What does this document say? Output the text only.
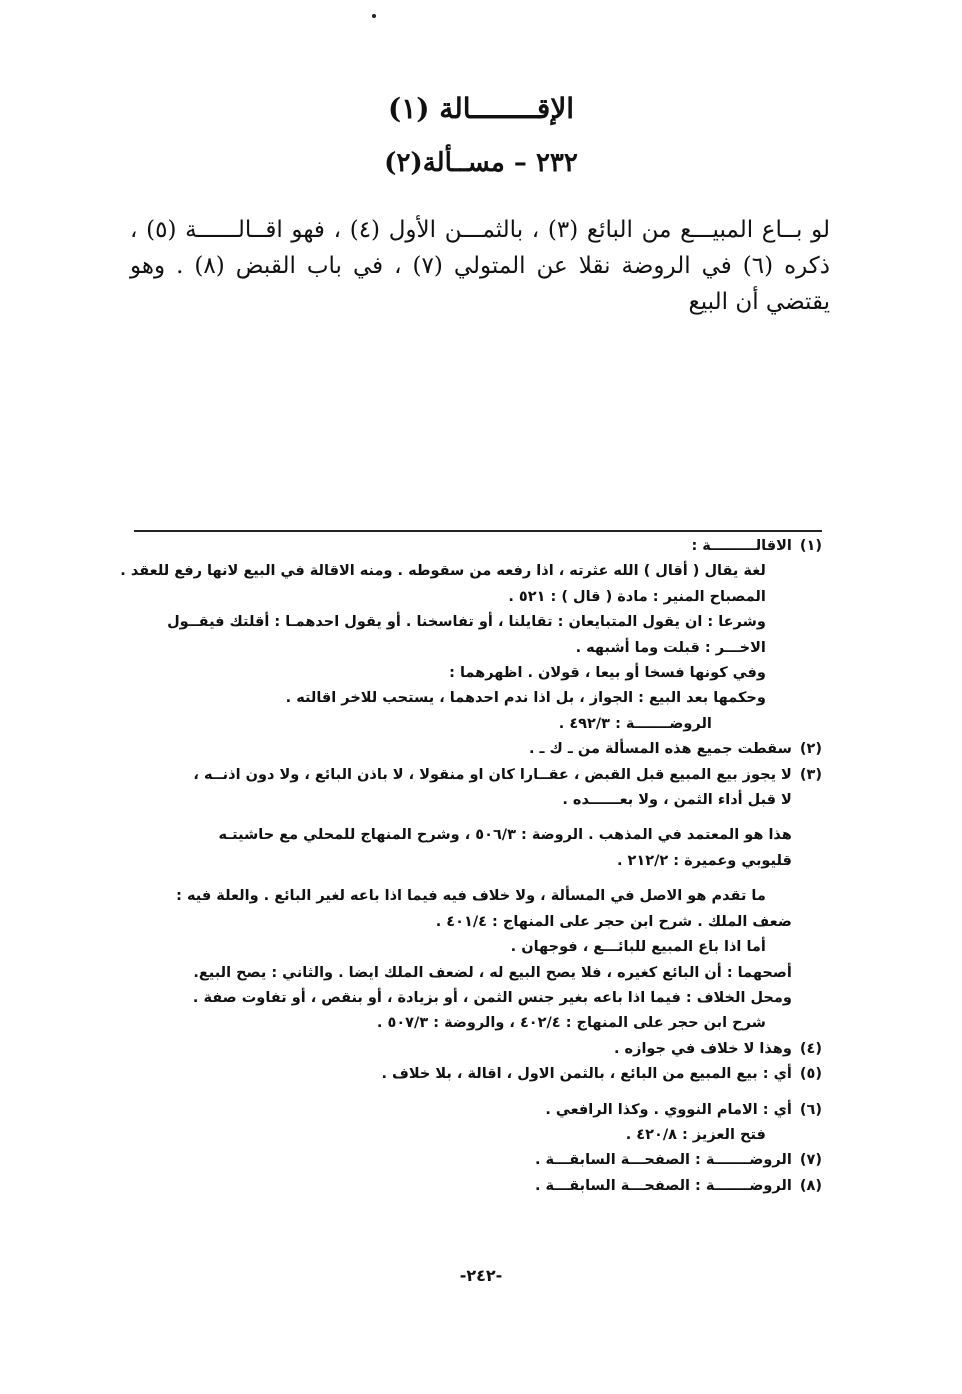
الإقــــــــالة (١)
٢٣٢ – مســألة(٢)
لو بــاع المبيـــع من البائع (٣) ، بالثمـــن الأول (٤) ، فهو اقــالــــــة (٥) ، ذكره (٦) في الروضة نقلا عن المتولي (٧) ، في باب القبض (٨) . وهو يقتضي أن البيع
(١)
الاقالـــــــــة :
لغة يقال ( أقال ) الله عثرته ، اذا رفعه من سقوطه . ومنه الاقالة في البيع لانها رفع للعقد .
المصباح المنير : مادة ( قال ) : ٥٢١ .
وشرعا : ان يقول المتبايعان : تقايلنا ، أو تفاسخنا . أو يقول احدهمـا : أقلتك فيقــول
الاخـــر : قبلت وما أشبهه .
وفي كونها فسخا أو بيعا ، قولان . اظهرهما :
وحكمها بعد البيع : الجواز ، بل اذا ندم احدهما ، يستحب للاخر اقالته .
الروضـــــــة : ٤٩٢/٣ .
(٢)
سقطت جميع هذه المسألة من ـ ك ـ .
(٣)
لا يجوز بيع المبيع قبل القبض ، عقــارا كان او منقولا ، لا باذن البائع ، ولا دون اذنــه ،
لا قبل أداء الثمن ، ولا بعــــــده .
هذا هو المعتمد في المذهب . الروضة : ٥٠٦/٣ ، وشرح المنهاج للمحلي مع حاشيتـه
قليوبي وعميرة : ٢١٢/٢ .
ما تقدم هو الاصل في المسألة ، ولا خلاف فيه فيما اذا باعه لغير البائع . والعلة فيه :
ضعف الملك . شرح ابن حجر على المنهاج : ٤٠١/٤ .
أما اذا باع المبيع للبائـــع ، فوجهان .
أصحهما : أن البائع كغيره ، فلا يصح البيع له ، لضعف الملك ايضا . والثاني : يصح البيع.
ومحل الخلاف : فيما اذا باعه بغير جنس الثمن ، أو بزيادة ، أو بنقص ، أو تفاوت صفة .
شرح ابن حجر على المنهاج : ٤٠٢/٤ ، والروضة : ٥٠٧/٣ .
(٤)
وهذا لا خلاف في جوازه .
(٥)
أي : بيع المبيع من البائع ، بالثمن الاول ، اقالة ، بلا خلاف .
(٦)
أي : الامام النووي . وكذا الرافعي .
فتح العزيز : ٤٢٠/٨ .
(٧)
الروضـــــــة : الصفحـــة السابقـــة .
(٨)
الروضـــــــة : الصفحـــة السابقـــة .
-٢٤٢-
